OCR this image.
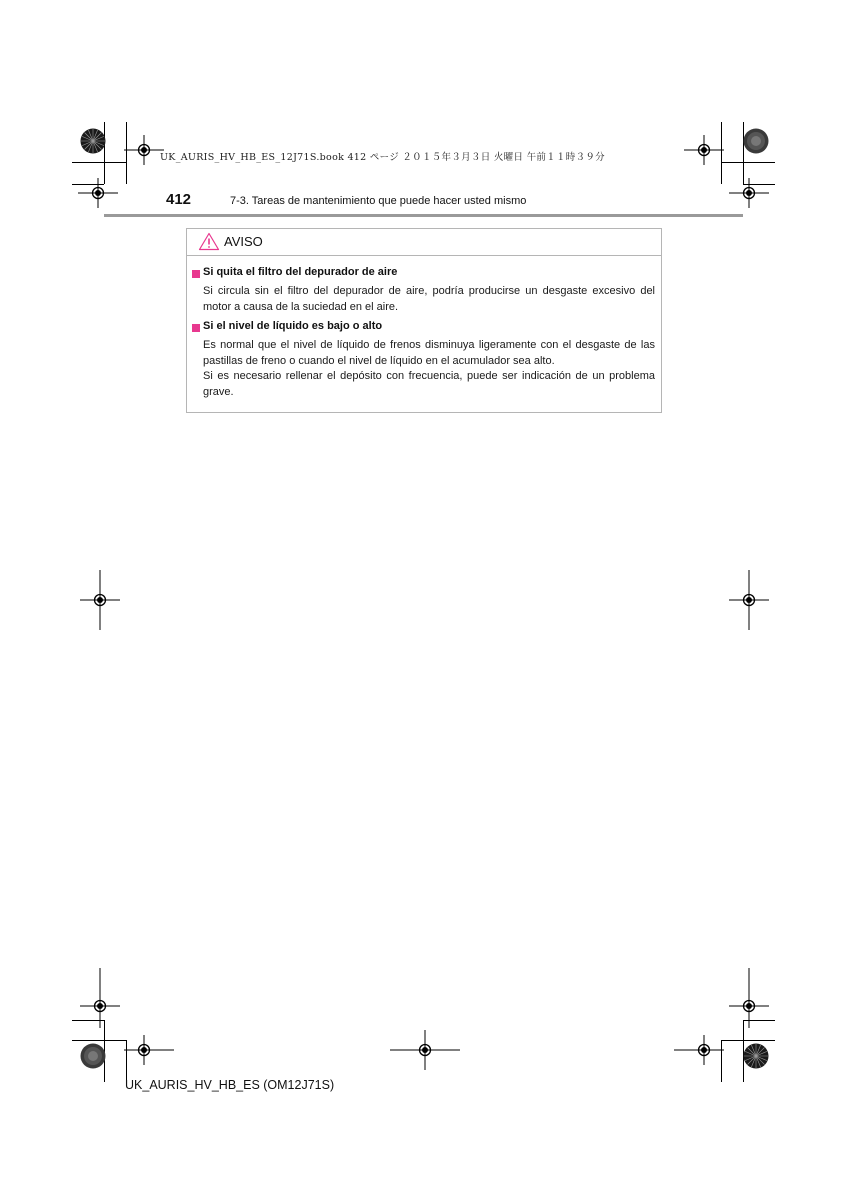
UK_AURIS_HV_HB_ES_12J71S.book 412 ページ ２０１５年３月３日 火曜日 午前１１時３９分
412	7-3. Tareas de mantenimiento que puede hacer usted mismo
AVISO
Si quita el filtro del depurador de aire
Si circula sin el filtro del depurador de aire, podría producirse un desgaste excesivo del motor a causa de la suciedad en el aire.
Si el nivel de líquido es bajo o alto
Es normal que el nivel de líquido de frenos disminuya ligeramente con el desgaste de las pastillas de freno o cuando el nivel de líquido en el acumulador sea alto.
Si es necesario rellenar el depósito con frecuencia, puede ser indicación de un problema grave.
UK_AURIS_HV_HB_ES (OM12J71S)
